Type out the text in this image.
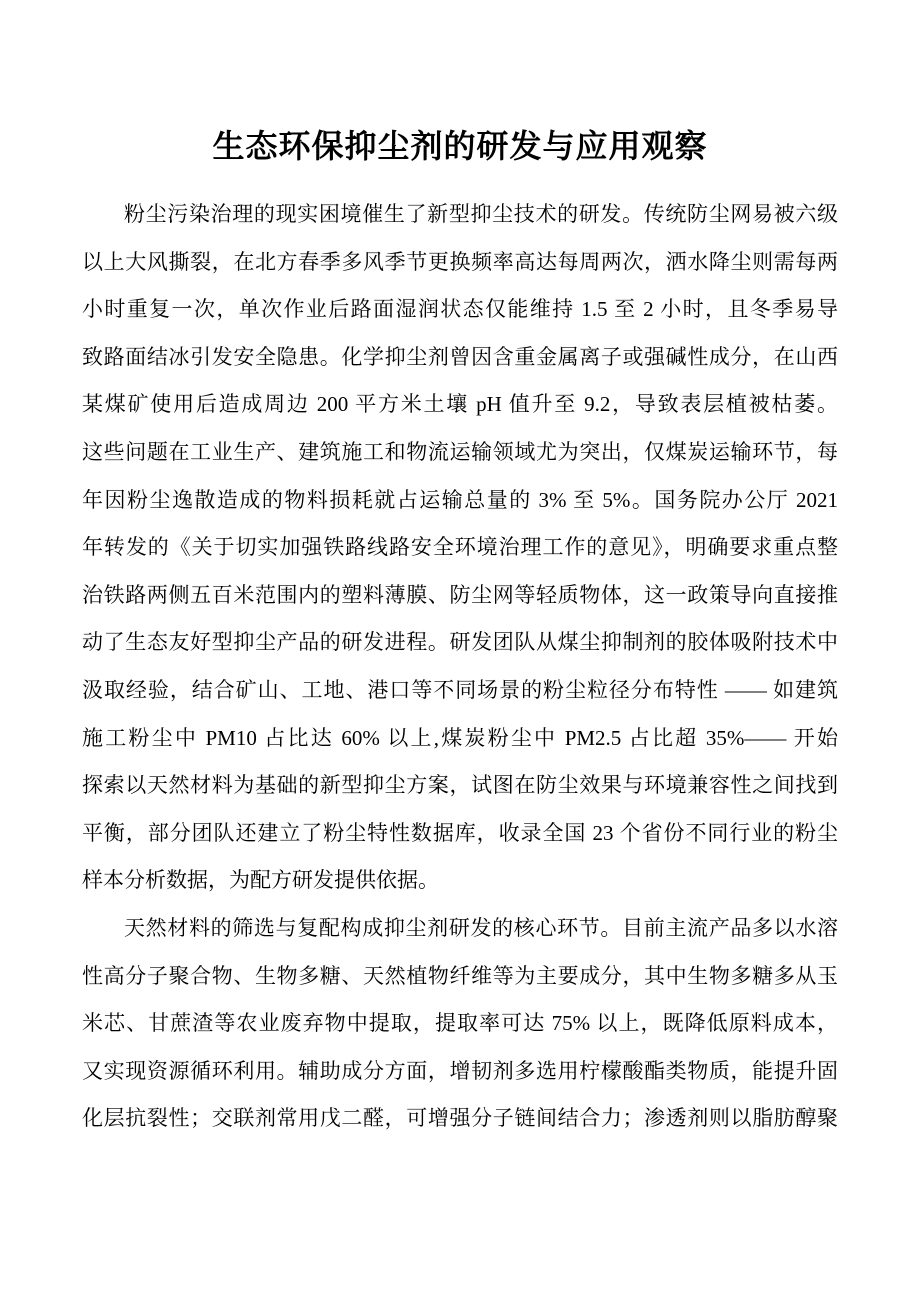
生态环保抑尘剂的研发与应用观察
粉尘污染治理的现实困境催生了新型抑尘技术的研发。传统防尘网易被六级
以上大风撕裂，在北方春季多风季节更换频率高达每周两次，洒水降尘则需每两
小时重复一次，单次作业后路面湿润状态仅能维持 1.5 至 2 小时，且冬季易导
致路面结冰引发安全隐患。化学抑尘剂曾因含重金属离子或强碱性成分，在山西
某煤矿使用后造成周边 200 平方米土壤 pH 值升至 9.2，导致表层植被枯萎。
这些问题在工业生产、建筑施工和物流运输领域尤为突出，仅煤炭运输环节，每
年因粉尘逸散造成的物料损耗就占运输总量的 3% 至 5%。国务院办公厅 2021
年转发的《关于切实加强铁路线路安全环境治理工作的意见》，明确要求重点整
治铁路两侧五百米范围内的塑料薄膜、防尘网等轻质物体，这一政策导向直接推
动了生态友好型抑尘产品的研发进程。研发团队从煤尘抑制剂的胶体吸附技术中
汲取经验，结合矿山、工地、港口等不同场景的粉尘粒径分布特性 —— 如建筑
施工粉尘中 PM10 占比达 60% 以上,煤炭粉尘中 PM2.5 占比超 35%—— 开始
探索以天然材料为基础的新型抑尘方案，试图在防尘效果与环境兼容性之间找到
平衡，部分团队还建立了粉尘特性数据库，收录全国 23 个省份不同行业的粉尘
样本分析数据，为配方研发提供依据。
天然材料的筛选与复配构成抑尘剂研发的核心环节。目前主流产品多以水溶
性高分子聚合物、生物多糖、天然植物纤维等为主要成分，其中生物多糖多从玉
米芯、甘蔗渣等农业废弃物中提取，提取率可达 75% 以上，既降低原料成本，
又实现资源循环利用。辅助成分方面，增韧剂多选用柠檬酸酯类物质，能提升固
化层抗裂性；交联剂常用戊二醛，可增强分子链间结合力；渗透剂则以脂肪醇聚
